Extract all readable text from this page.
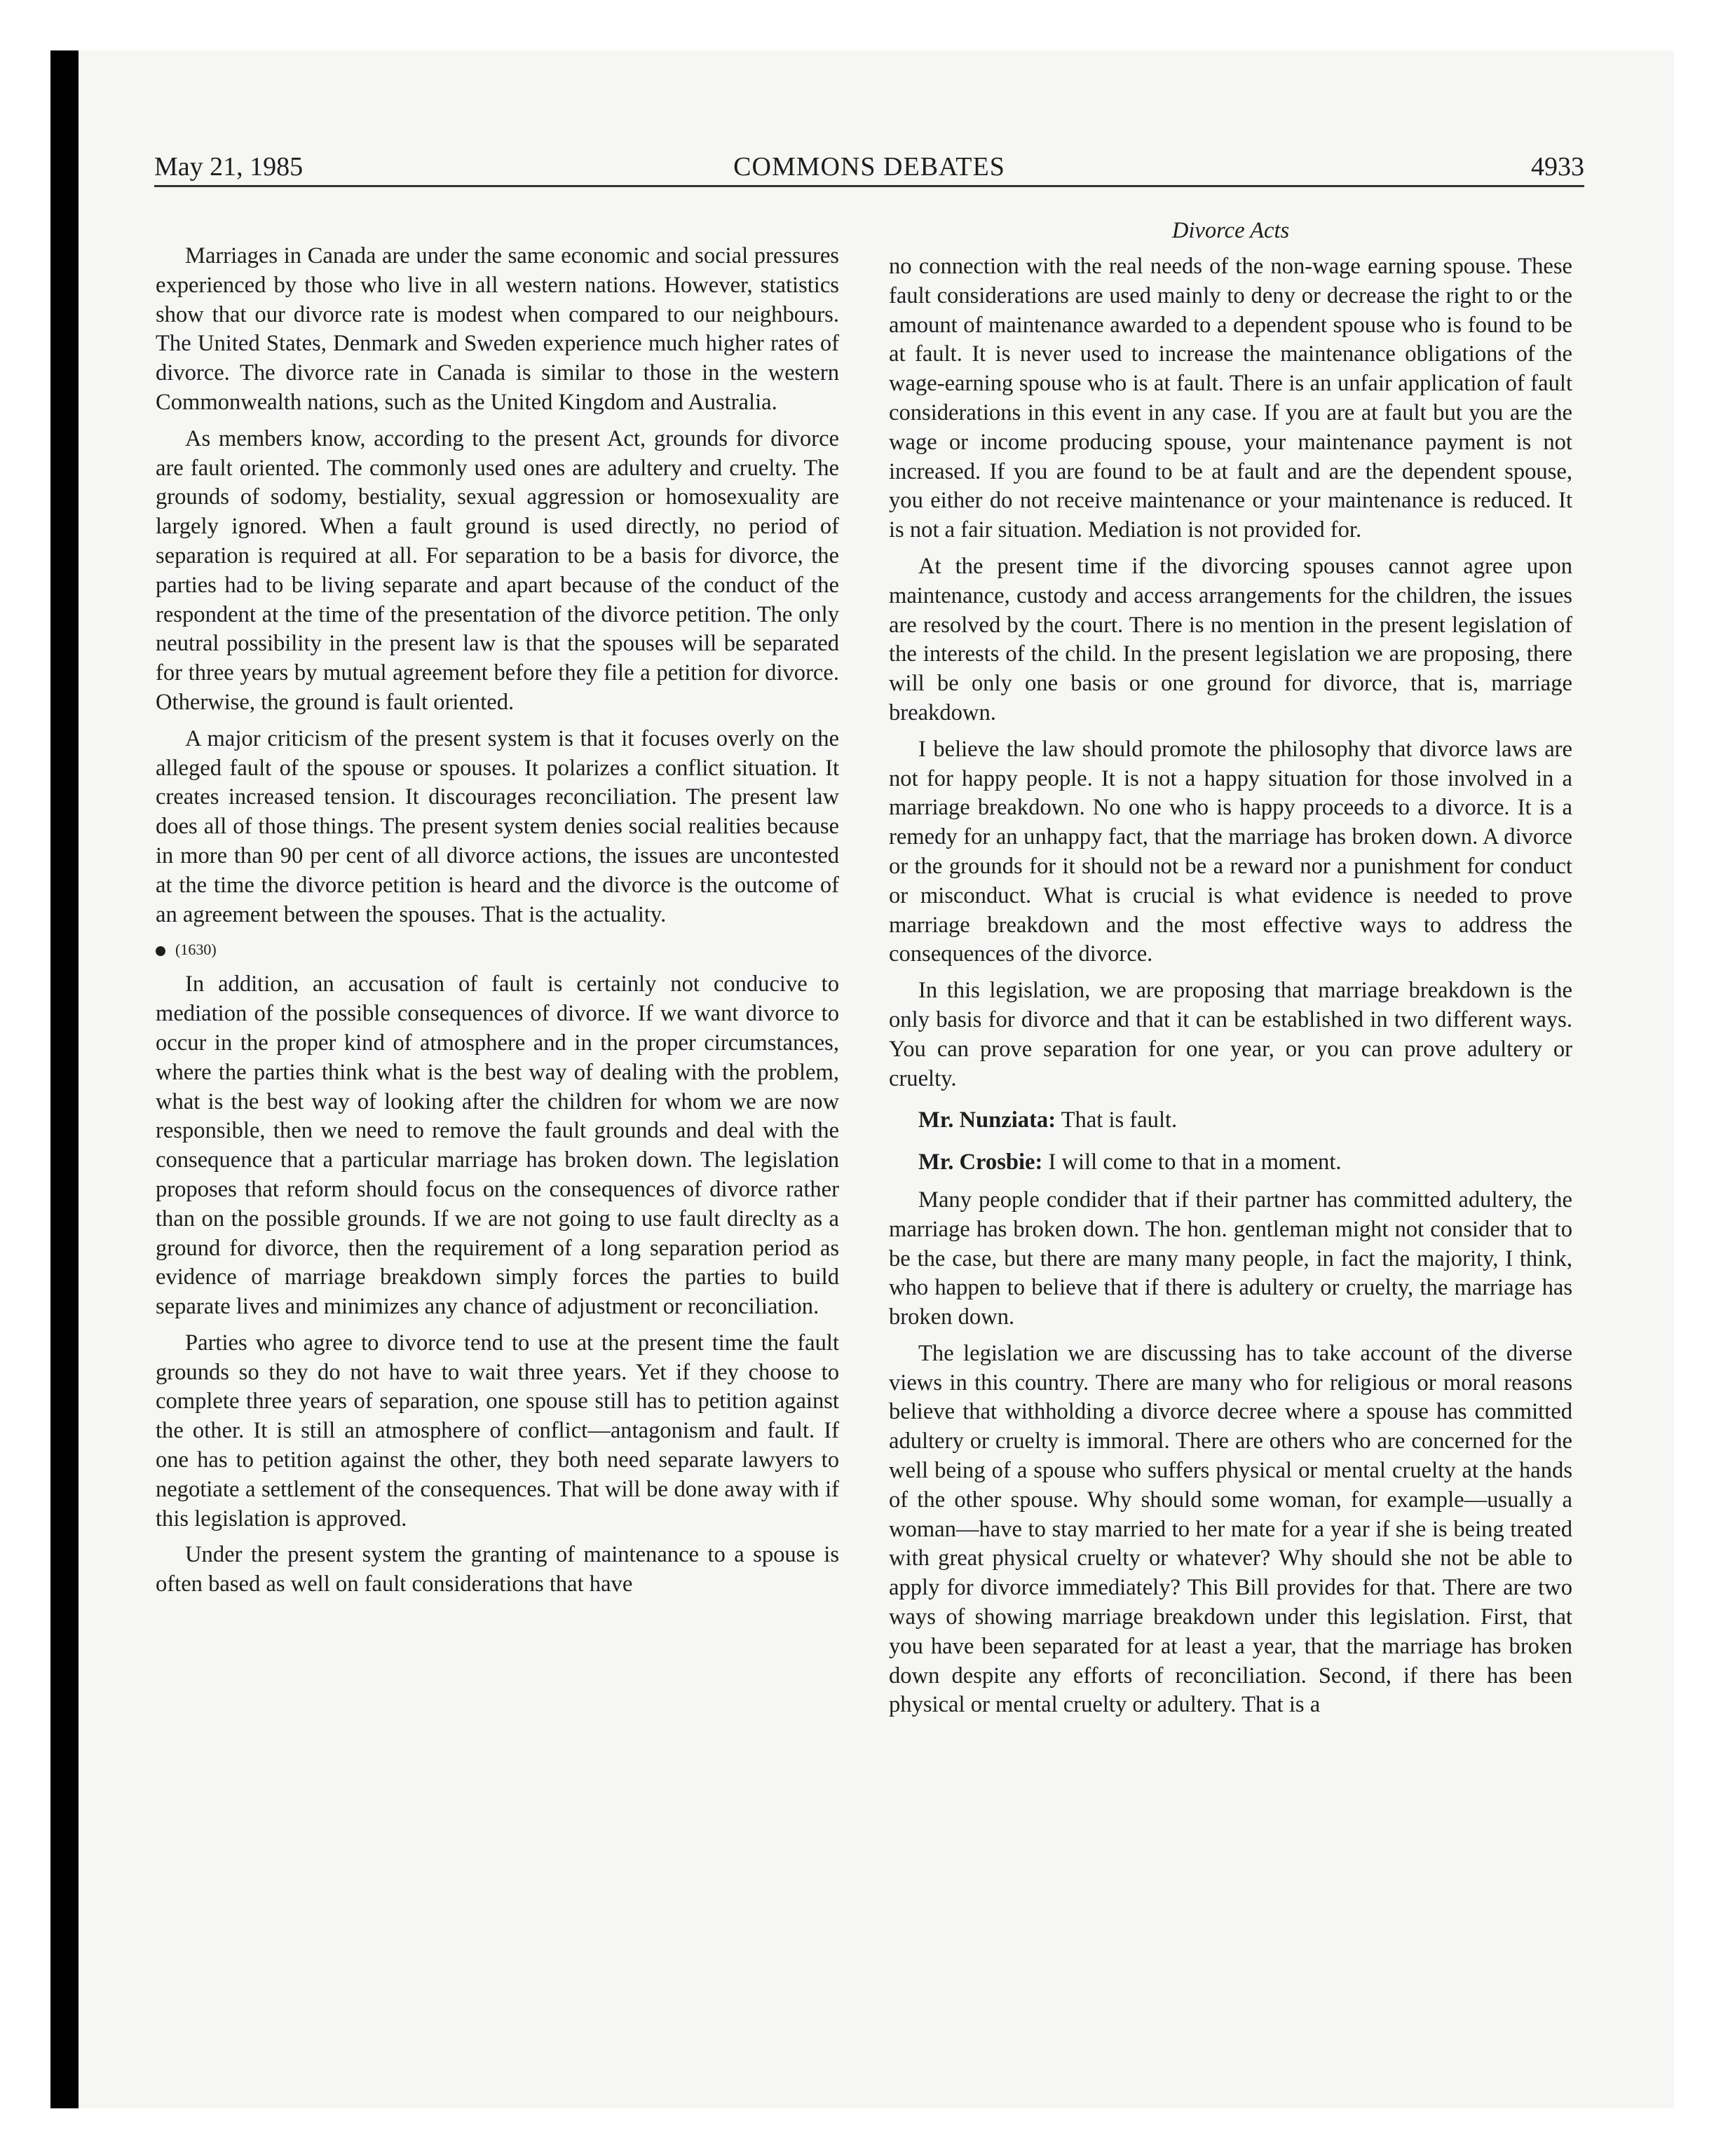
May 21, 1985	COMMONS DEBATES	4933

Marriages in Canada are under the same economic and social pressures experienced by those who live in all western nations. However, statistics show that our divorce rate is modest when compared to our neighbours. The United States, Denmark and Sweden experience much higher rates of divorce. The divorce rate in Canada is similar to those in the western Commonwealth nations, such as the United Kingdom and Australia.

As members know, according to the present Act, grounds for divorce are fault oriented. The commonly used ones are adultery and cruelty. The grounds of sodomy, bestiality, sexual aggression or homosexuality are largely ignored. When a fault ground is used directly, no period of separation is required at all. For separation to be a basis for divorce, the parties had to be living separate and apart because of the conduct of the respondent at the time of the presentation of the divorce petition. The only neutral possibility in the present law is that the spouses will be separated for three years by mutual agreement before they file a petition for divorce. Otherwise, the ground is fault oriented.

A major criticism of the present system is that it focuses overly on the alleged fault of the spouse or spouses. It polarizes a conflict situation. It creates increased tension. It discourages reconciliation. The present law does all of those things. The present system denies social realities because in more than 90 per cent of all divorce actions, the issues are uncontested at the time the divorce petition is heard and the divorce is the outcome of an agreement between the spouses. That is the actuality.

(1630)

In addition, an accusation of fault is certainly not conducive to mediation of the possible consequences of divorce. If we want divorce to occur in the proper kind of atmosphere and in the proper circumstances, where the parties think what is the best way of dealing with the problem, what is the best way of looking after the children for whom we are now responsible, then we need to remove the fault grounds and deal with the consequence that a particular marriage has broken down. The legislation proposes that reform should focus on the consequences of divorce rather than on the possible grounds. If we are not going to use fault direclty as a ground for divorce, then the requirement of a long separation period as evidence of marriage breakdown simply forces the parties to build separate lives and minimizes any chance of adjustment or reconciliation.

Parties who agree to divorce tend to use at the present time the fault grounds so they do not have to wait three years. Yet if they choose to complete three years of separation, one spouse still has to petition against the other. It is still an atmosphere of conflict—antagonism and fault. If one has to petition against the other, they both need separate lawyers to negotiate a settlement of the consequences. That will be done away with if this legislation is approved.

Under the present system the granting of maintenance to a spouse is often based as well on fault considerations that have

Divorce Acts

no connection with the real needs of the non-wage earning spouse. These fault considerations are used mainly to deny or decrease the right to or the amount of maintenance awarded to a dependent spouse who is found to be at fault. It is never used to increase the maintenance obligations of the wage-earning spouse who is at fault. There is an unfair application of fault considerations in this event in any case. If you are at fault but you are the wage or income producing spouse, your maintenance payment is not increased. If you are found to be at fault and are the dependent spouse, you either do not receive maintenance or your maintenance is reduced. It is not a fair situation. Mediation is not provided for.

At the present time if the divorcing spouses cannot agree upon maintenance, custody and access arrangements for the children, the issues are resolved by the court. There is no mention in the present legislation of the interests of the child. In the present legislation we are proposing, there will be only one basis or one ground for divorce, that is, marriage breakdown.

I believe the law should promote the philosophy that divorce laws are not for happy people. It is not a happy situation for those involved in a marriage breakdown. No one who is happy proceeds to a divorce. It is a remedy for an unhappy fact, that the marriage has broken down. A divorce or the grounds for it should not be a reward nor a punishment for conduct or misconduct. What is crucial is what evidence is needed to prove marriage breakdown and the most effective ways to address the consequences of the divorce.

In this legislation, we are proposing that marriage breakdown is the only basis for divorce and that it can be established in two different ways. You can prove separation for one year, or you can prove adultery or cruelty.

Mr. Nunziata: That is fault.

Mr. Crosbie: I will come to that in a moment.

Many people condider that if their partner has committed adultery, the marriage has broken down. The hon. gentleman might not consider that to be the case, but there are many many people, in fact the majority, I think, who happen to believe that if there is adultery or cruelty, the marriage has broken down.

The legislation we are discussing has to take account of the diverse views in this country. There are many who for religious or moral reasons believe that withholding a divorce decree where a spouse has committed adultery or cruelty is immoral. There are others who are concerned for the well being of a spouse who suffers physical or mental cruelty at the hands of the other spouse. Why should some woman, for example—usually a woman—have to stay married to her mate for a year if she is being treated with great physical cruelty or whatever? Why should she not be able to apply for divorce immediately? This Bill provides for that. There are two ways of showing marriage breakdown under this legislation. First, that you have been separated for at least a year, that the marriage has broken down despite any efforts of reconciliation. Second, if there has been physical or mental cruelty or adultery. That is a
